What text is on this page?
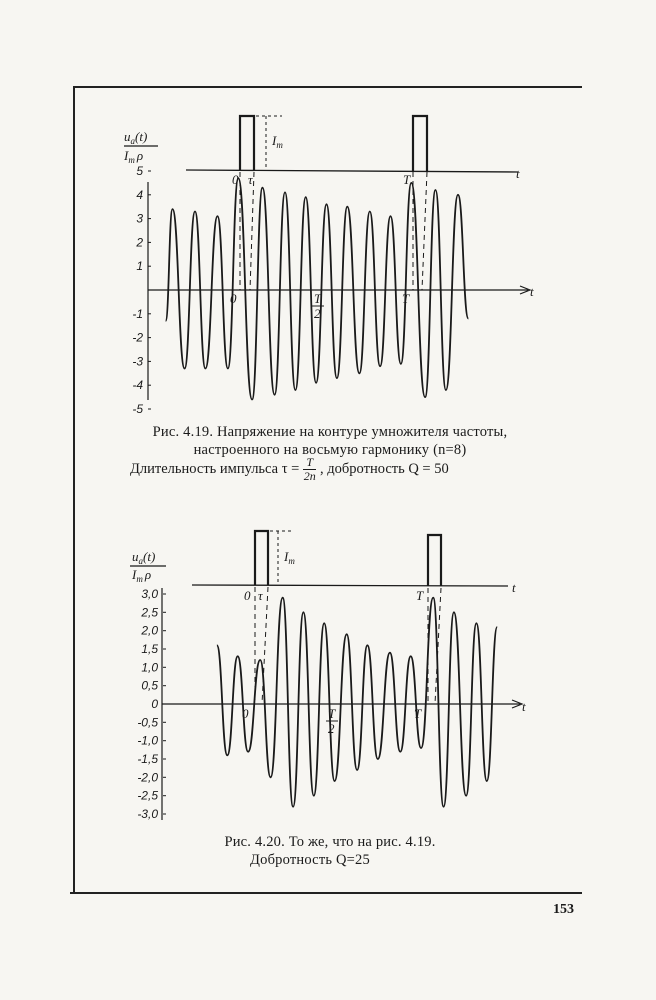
$u_a(t)$
$I_m$ ρ
5
4
3
2
1
-1
-2
-3
-4
-5
t
t
$I_m$
0 τ	T
0	T
2
T
Рис. 4.19. Напряжение на контуре умножителя частоты,
настроенного на восьмую гармонику (n=8)
Длительность импульса $\tau = \frac{T}{2n}$ , добротность Q = 50
$u_a(t)$
$I_m$ ρ
3,0
2,5
2,0
1,5
1,0
0,5
0
-0,5
-1,0
-1,5
-2,0
-2,5
-3,0
t
t
$I_m$
0 τ	T
0	T
2
T
Рис. 4.20. То же, что на рис. 4.19.
Добротность Q=25
153
